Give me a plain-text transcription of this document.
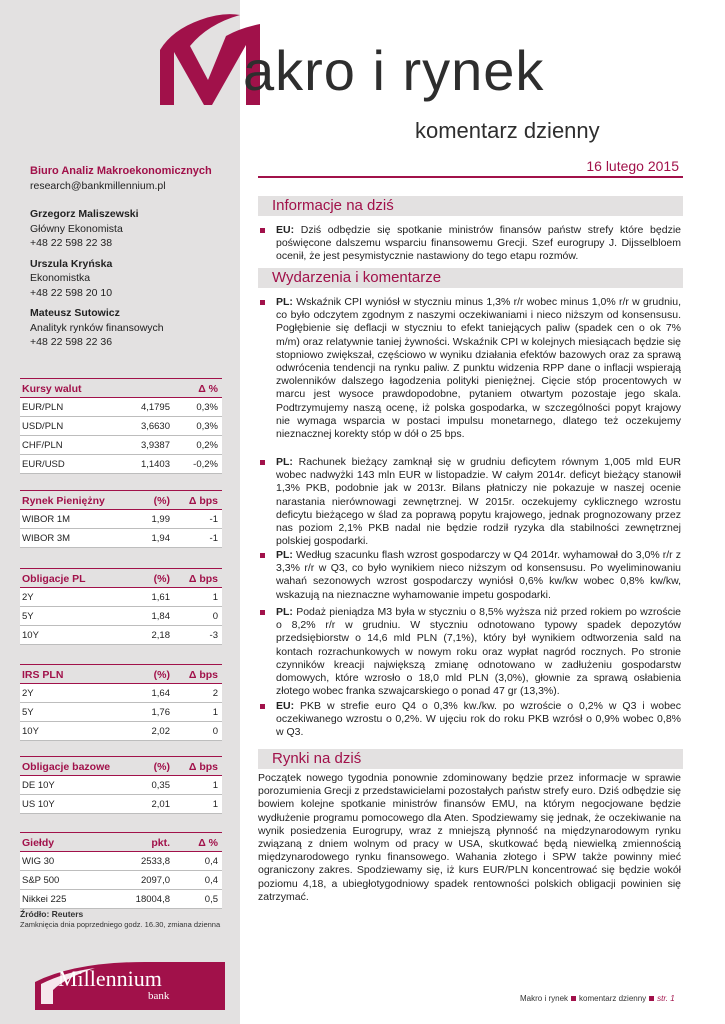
akro i rynek
komentarz dzienny
Biuro Analiz Makroekonomicznych
research@bankmillennium.pl
Grzegorz Maliszewski
Główny Ekonomista
+48 22 598 22 38
Urszula Kryńska
Ekonomistka
+48 22 598 20 10
Mateusz Sutowicz
Analityk rynków finansowych
+48 22 598 22 36
16 lutego 2015
Informacje na dziś
EU: Dziś odbędzie się spotkanie ministrów finansów państw strefy które będzie poświęcone dalszemu wsparciu finansowemu Grecji. Szef eurogrupy J. Dijsselbloem ocenił, że jest pesymistycznie nastawiony do tego etapu rozmów.
Wydarzenia i komentarze
PL: Wskaźnik CPI wyniósł w styczniu minus 1,3% r/r wobec minus 1,0% r/r w grudniu, co było odczytem zgodnym z naszymi oczekiwaniami i nieco niższym od konsensusu. Pogłębienie się deflacji w styczniu to efekt taniejących paliw (spadek cen o ok 7% m/m) oraz relatywnie taniej żywności. Wskaźnik CPI w kolejnych miesiącach będzie się stopniowo zwiększał, częściowo w wyniku działania efektów bazowych oraz za sprawą odwrócenia tendencji na rynku paliw. Z punktu widzenia RPP dane o inflacji wspierają zwolenników dalszego łagodzenia polityki pieniężnej. Cięcie stóp procentowych w marcu jest wysoce prawdopodobne, pytaniem otwartym pozostaje jego skala. Podtrzymujemy naszą ocenę, iż polska gospodarka, w szczególności popyt krajowy nie wymaga wsparcia w postaci impulsu monetarnego, dlatego też oczekujemy nieznacznej korekty stóp w dół o 25 bps.
PL: Rachunek bieżący zamknął się w grudniu deficytem równym 1,005 mld EUR wobec nadwyżki 143 mln EUR w listopadzie. W całym 2014r. deficyt bieżący stanowił 1,3% PKB, podobnie jak w 2013r. Bilans płatniczy nie pokazuje w naszej ocenie narastania nierównowagi zewnętrznej. W 2015r. oczekujemy cyklicznego wzrostu deficytu bieżącego w ślad za poprawą popytu krajowego, jednak prognozowany przez nas poziom 2,1% PKB nadal nie będzie rodził ryzyka dla stabilności zewnętrznej polskiej gospodarki.
PL: Według szacunku flash wzrost gospodarczy w Q4 2014r. wyhamował do 3,0% r/r z 3,3% r/r w Q3, co było wynikiem nieco niższym od konsensusu. Po wyeliminowaniu wahań sezonowych wzrost gospodarczy wyniósł 0,6% kw/kw wobec 0,8% kw/kw, wskazują na nieznaczne wyhamowanie impetu gospodarki.
PL: Podaż pieniądza M3 była w styczniu o 8,5% wyższa niż przed rokiem po wzroście o 8,2% r/r w grudniu. W styczniu odnotowano typowy spadek depozytów przedsiębiorstw o 14,6 mld PLN (7,1%), który był wynikiem odtworzenia sald na kontach rozrachunkowych w nowym roku oraz wypłat nagród rocznych. Po stronie czynników kreacji największą zmianę odnotowano w zadłużeniu gospodarstw domowych, które wzrosło o 18,0 mld PLN (3,0%), głownie za sprawą osłabienia złotego wobec franka szwajcarskiego o ponad 47 gr (13,3%).
EU: PKB w strefie euro Q4 o 0,3% kw./kw. po wzroście o 0,2% w Q3 i wobec oczekiwanego wzrostu o 0,2%. W ujęciu rok do roku PKB wzrósł o 0,9% wobec 0,8% w Q3.
Rynki na dziś
Początek nowego tygodnia ponownie zdominowany będzie przez informacje w sprawie porozumienia Grecji z przedstawicielami pozostałych państw strefy euro. Dziś odbędzie się bowiem kolejne spotkanie ministrów finansów EMU, na którym negocjowane będzie wydłużenie programu pomocowego dla Aten. Spodziewamy się jednak, że oczekiwanie na wynik posiedzenia Eurogrupy, wraz z mniejszą płynność na międzynarodowym rynku związaną z dniem wolnym od pracy w USA, skutkować będą niewielką zmiennością międzynarodowego rynku finansowego. Wahania złotego i SPW także powinny mieć ograniczony zakres. Spodziewamy się, iż kurs EUR/PLN koncentrować się będzie wokół poziomu 4,18, a ubiegłotygodniowy spadek rentowności polskich obligacji powinien się zatrzymać.
Kursy walut	Δ %
EUR/PLN	4,1795	0,3%
USD/PLN	3,6630	0,3%
CHF/PLN	3,9387	0,2%
EUR/USD	1,1403 -0,2%
Rynek Pieniężny	(%) Δ bps
WIBOR 1M	1,99	-1
WIBOR 3M	1,94	-1
Obligacje PL	(%) Δ bps
2Y	1,61	1
5Y	1,84	0
10Y	2,18	-3
IRS PLN	(%) Δ bps
2Y	1,64	2
5Y	1,76	1
10Y	2,02	0
Obligacje bazowe	(%) Δ bps
DE 10Y	0,35	1
US 10Y	2,01	1
Giełdy	pkt.	Δ %
WIG 30	2533,8	0,4
S&P 500	2097,0	0,4
Nikkei 225	18004,8	0,5
Źródło: Reuters
Zamknięcia dnia poprzedniego godz. 16.30, zmiana dzienna
Millennium
bank	Makro i rynek komentarz dzienny str. 1
